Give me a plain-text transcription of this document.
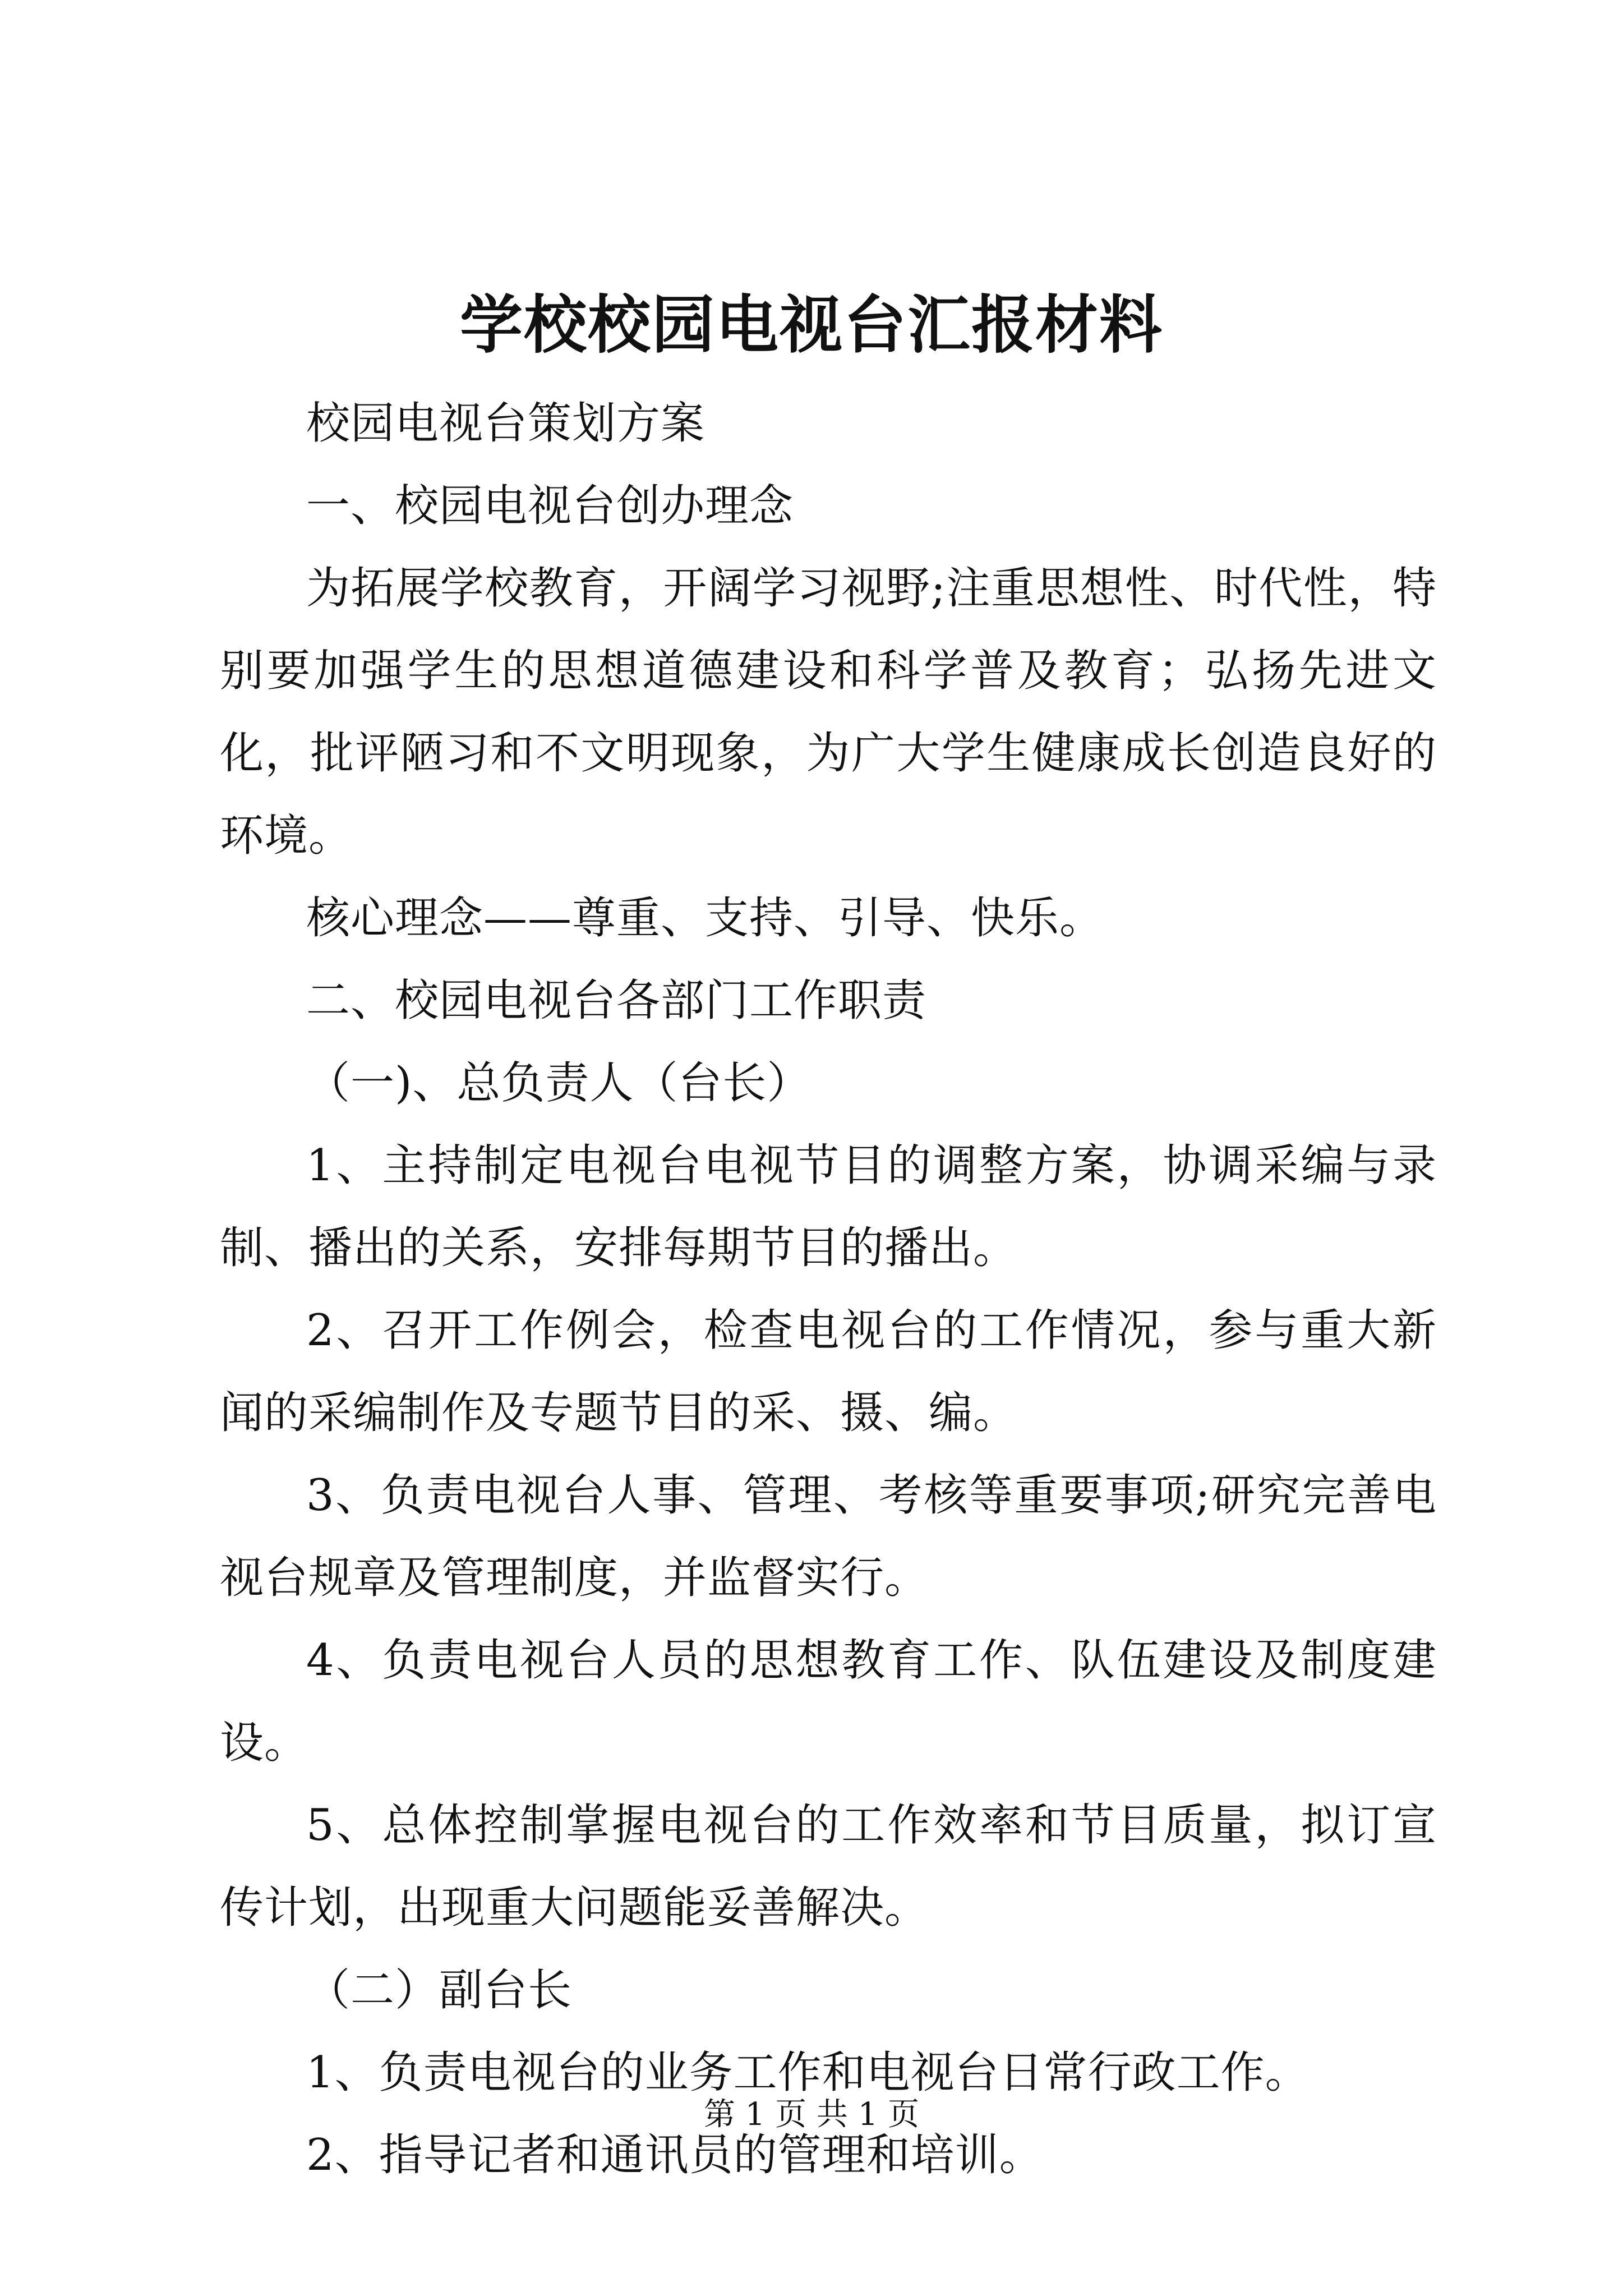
学校校园电视台汇报材料

校园电视台策划方案

一、校园电视台创办理念

为拓展学校教育，开阔学习视野;注重思想性、时代性，特别要加强学生的思想道德建设和科学普及教育；弘扬先进文化，批评陋习和不文明现象，为广大学生健康成长创造良好的环境。

核心理念——尊重、支持、引导、快乐。

二、校园电视台各部门工作职责

（一)、总负责人（台长）

1、主持制定电视台电视节目的调整方案，协调采编与录制、播出的关系，安排每期节目的播出。

2、召开工作例会，检查电视台的工作情况，参与重大新闻的采编制作及专题节目的采、摄、编。

3、负责电视台人事、管理、考核等重要事项;研究完善电视台规章及管理制度，并监督实行。

4、负责电视台人员的思想教育工作、队伍建设及制度建设。

5、总体控制掌握电视台的工作效率和节目质量，拟订宣传计划，出现重大问题能妥善解决。

（二）副台长

1、负责电视台的业务工作和电视台日常行政工作。

2、指导记者和通讯员的管理和培训。

第 1 页 共 1 页
